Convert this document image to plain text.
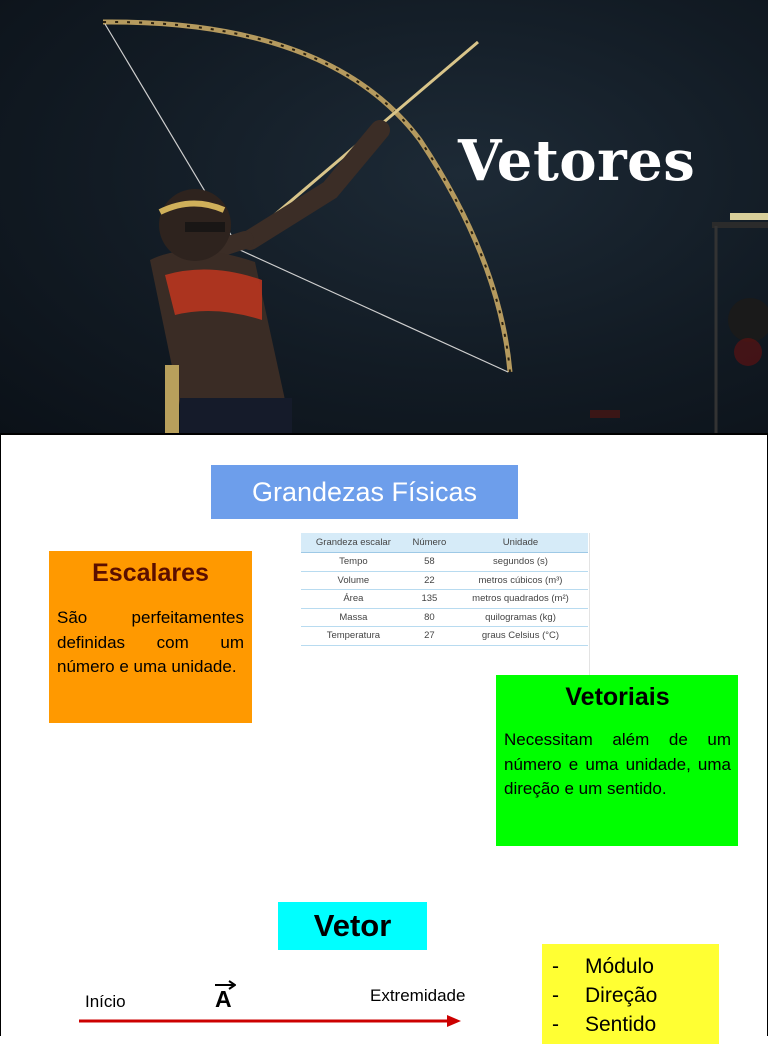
Vetores
Grandezas Físicas
Escalares
São perfeitamentes definidas com um número e uma unidade.
Grandeza escalar	Número	Unidade
Tempo	58	segundos (s)
Volume	22	metros cúbicos (m³)
Área	135	metros quadrados (m²)
Massa	80	quilogramas (kg)
Temperatura	27	graus Celsius (°C)
Vetoriais
Necessitam além de um número e uma unidade, uma direção e um sentido.
Vetor
Início	A	Extremidade
-	Módulo
-	Direção
-	Sentido
